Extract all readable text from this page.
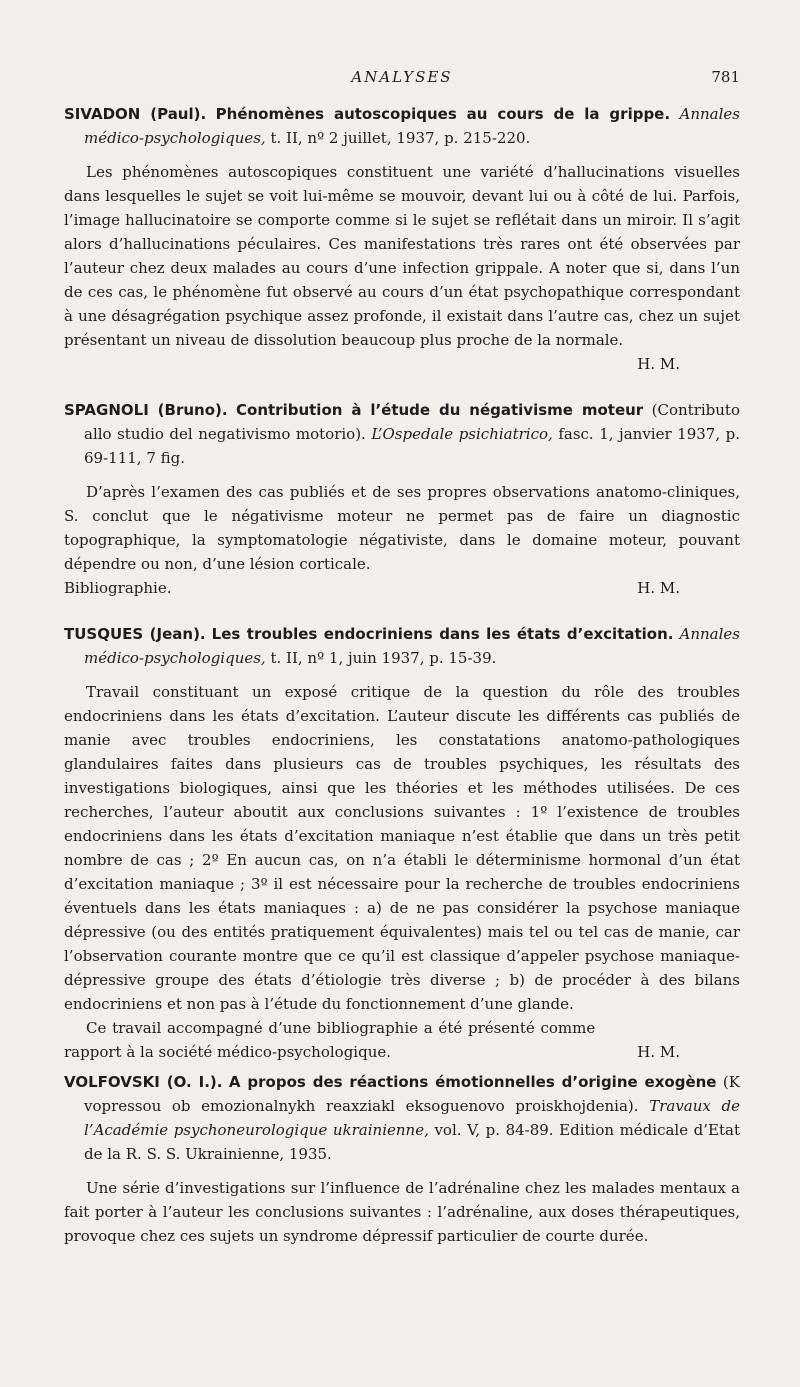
ANALYSES	781
SIVADON (Paul). Phénomènes autoscopiques au cours de la grippe. Annales médico-psychologiques, t. II, nº 2 juillet, 1937, p. 215-220.

Les phénomènes autoscopiques constituent une variété d’hallucinations visuelles dans lesquelles le sujet se voit lui-même se mouvoir, devant lui ou à côté de lui. Parfois, l’image hallucinatoire se comporte comme si le sujet se reflétait dans un miroir. Il s’agit alors d’hallucinations péculaires. Ces manifestations très rares ont été observées par l’auteur chez deux malades au cours d’une infection grippale. A noter que si, dans l’un de ces cas, le phénomène fut observé au cours d’un état psychopathique correspondant à une désagrégation psychique assez profonde, il existait dans l’autre cas, chez un sujet présentant un niveau de dissolution beaucoup plus proche de la normale.

H. M.
SPAGNOLI (Bruno). Contribution à l’étude du négativisme moteur (Contributo allo studio del negativismo motorio). L’Ospedale psichiatrico, fasc. 1, janvier 1937, p. 69-111, 7 fig.

D’après l’examen des cas publiés et de ses propres observations anatomo-cliniques, S. conclut que le négativisme moteur ne permet pas de faire un diagnostic topographique, la symptomatologie négativiste, dans le domaine moteur, pouvant dépendre ou non, d’une lésion corticale.

Bibliographie.	H. M.
TUSQUES (Jean). Les troubles endocriniens dans les états d’excitation. Annales médico-psychologiques, t. II, nº 1, juin 1937, p. 15-39.

Travail constituant un exposé critique de la question du rôle des troubles endocriniens dans les états d’excitation. L’auteur discute les différents cas publiés de manie avec troubles endocriniens, les constatations anatomo-pathologiques glandulaires faites dans plusieurs cas de troubles psychiques, les résultats des investigations biologiques, ainsi que les théories et les méthodes utilisées. De ces recherches, l’auteur aboutit aux conclusions suivantes : 1º l’existence de troubles endocriniens dans les états d’excitation maniaque n’est établie que dans un très petit nombre de cas ; 2º En aucun cas, on n’a établi le déterminisme hormonal d’un état d’excitation maniaque ; 3º il est nécessaire pour la recherche de troubles endocriniens éventuels dans les états maniaques : a) de ne pas considérer la psychose maniaque dépressive (ou des entités pratiquement équivalentes) mais tel ou tel cas de manie, car l’observation courante montre que ce qu’il est classique d’appeler psychose maniaque-dépressive groupe des états d’étiologie très diverse ; b) de procéder à des bilans endocriniens et non pas à l’étude du fonctionnement d’une glande.

Ce travail accompagné d’une bibliographie a été présenté comme rapport à la société médico-psychologique.	H. M.
VOLFOVSKI (O. I.). A propos des réactions émotionnelles d’origine exogène (K vopressou ob emozionalnykh reaxziakl eksoguenovo proiskhojdenia). Travaux de l’Académie psychoneurologique ukrainienne, vol. V, p. 84-89. Edition médicale d’Etat de la R. S. S. Ukrainienne, 1935.

Une série d’investigations sur l’influence de l’adrénaline chez les malades mentaux a fait porter à l’auteur les conclusions suivantes : l’adrénaline, aux doses thérapeutiques, provoque chez ces sujets un syndrome dépressif particulier de courte durée.
